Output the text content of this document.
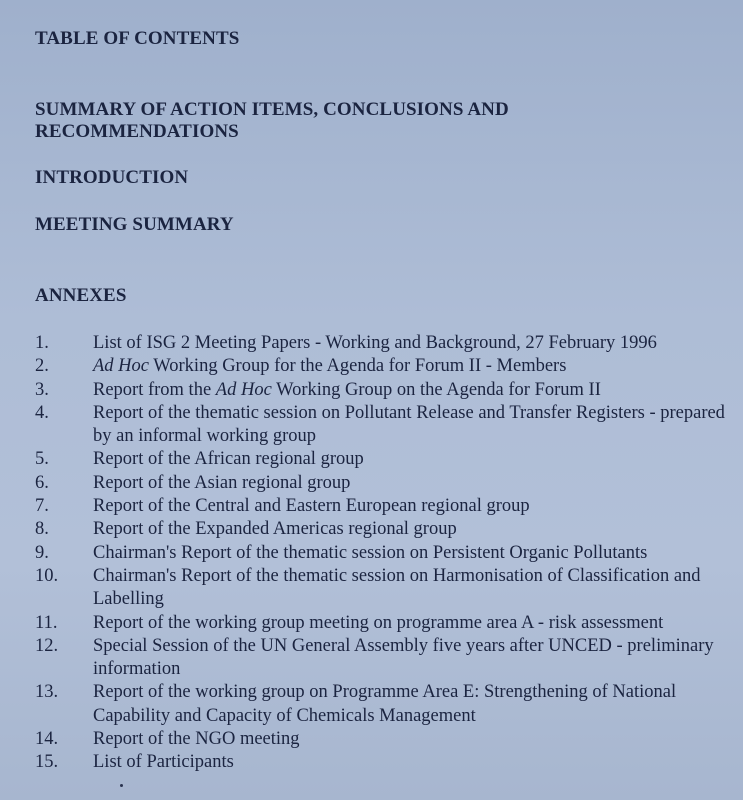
TABLE OF CONTENTS
SUMMARY OF ACTION ITEMS, CONCLUSIONS AND
RECOMMENDATIONS
INTRODUCTION
MEETING SUMMARY
ANNEXES
1. List of ISG 2 Meeting Papers - Working and Background, 27 February 1996
2. Ad Hoc Working Group for the Agenda for Forum II - Members
3. Report from the Ad Hoc Working Group on the Agenda for Forum II
4. Report of the thematic session on Pollutant Release and Transfer Registers - prepared by an informal working group
5. Report of the African regional group
6. Report of the Asian regional group
7. Report of the Central and Eastern European regional group
8. Report of the Expanded Americas regional group
9. Chairman's Report of the thematic session on Persistent Organic Pollutants
10. Chairman's Report of the thematic session on Harmonisation of Classification and Labelling
11. Report of the working group meeting on programme area A - risk assessment
12. Special Session of the UN General Assembly five years after UNCED - preliminary information
13. Report of the working group on Programme Area E: Strengthening of National Capability and Capacity of Chemicals Management
14. Report of the NGO meeting
15. List of Participants
